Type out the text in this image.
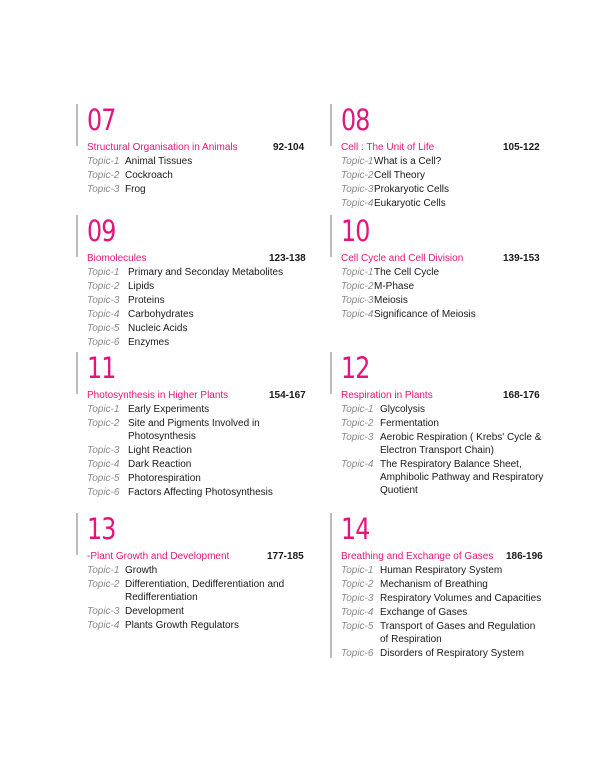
07
Structural Organisation in Animals	92-104
Topic-1 Animal Tissues
Topic-2 Cockroach
Topic-3 Frog
08
Cell : The Unit of Life	105-122
Topic-1 What is a Cell?
Topic-2 Cell Theory
Topic-3 Prokaryotic Cells
Topic-4 Eukaryotic Cells
09
Biomolecules	123-138
Topic-1 Primary and Seconday Metabolites
Topic-2 Lipids
Topic-3 Proteins
Topic-4 Carbohydrates
Topic-5 Nucleic Acids
Topic-6 Enzymes
10
Cell Cycle and Cell Division	139-153
Topic-1 The Cell Cycle
Topic-2 M-Phase
Topic-3 Meiosis
Topic-4 Significance of Meiosis
11
Photosynthesis in Higher Plants	154-167
Topic-1 Early Experiments
Topic-2 Site and Pigments Involved in Photosynthesis
Topic-3 Light Reaction
Topic-4 Dark Reaction
Topic-5 Photorespiration
Topic-6 Factors Affecting Photosynthesis
12
Respiration in Plants	168-176
Topic-1 Glycolysis
Topic-2 Fermentation
Topic-3 Aerobic Respiration ( Krebs' Cycle & Electron Transport Chain)
Topic-4 The Respiratory Balance Sheet, Amphibolic Pathway and Respiratory Quotient
13
-Plant Growth and Development	177-185
Topic-1 Growth
Topic-2 Differentiation, Dedifferentiation and Redifferentiation
Topic-3 Development
Topic-4 Plants Growth Regulators
14
Breathing and Exchange of Gases	186-196
Topic-1 Human Respiratory System
Topic-2 Mechanism of Breathing
Topic-3 Respiratory Volumes and Capacities
Topic-4 Exchange of Gases
Topic-5 Transport of Gases and Regulation of Respiration
Topic-6 Disorders of Respiratory System
